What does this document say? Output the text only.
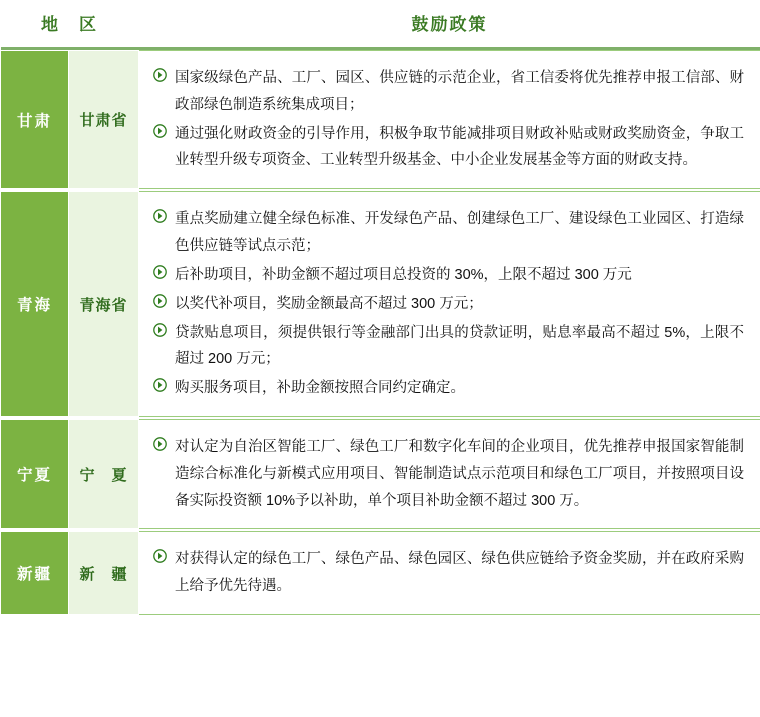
地　区		鼓励政策

甘肃	甘肃省	国家级绿色产品、工厂、园区、供应链的示范企业，省工信委将优先推荐申报工信部、财政部绿色制造系统集成项目；
通过强化财政资金的引导作用，积极争取节能减排项目财政补贴或财政奖励资金，争取工业转型升级专项资金、工业转型升级基金、中小企业发展基金等方面的财政支持。

青海	青海省	重点奖励建立健全绿色标准、开发绿色产品、创建绿色工厂、建设绿色工业园区、打造绿色供应链等试点示范；
后补助项目，补助金额不超过项目总投资的 30%，上限不超过 300 万元
以奖代补项目，奖励金额最高不超过 300 万元；
贷款贴息项目，须提供银行等金融部门出具的贷款证明，贴息率最高不超过 5%，上限不超过 200 万元；
购买服务项目，补助金额按照合同约定确定。

宁夏	宁　夏	对认定为自治区智能工厂、绿色工厂和数字化车间的企业项目，优先推荐申报国家智能制造综合标准化与新模式应用项目、智能制造试点示范项目和绿色工厂项目，并按照项目设备实际投资额 10%予以补助，单个项目补助金额不超过 300 万。

新疆	新　疆	对获得认定的绿色工厂、绿色产品、绿色园区、绿色供应链给予资金奖励，并在政府采购上给予优先待遇。
